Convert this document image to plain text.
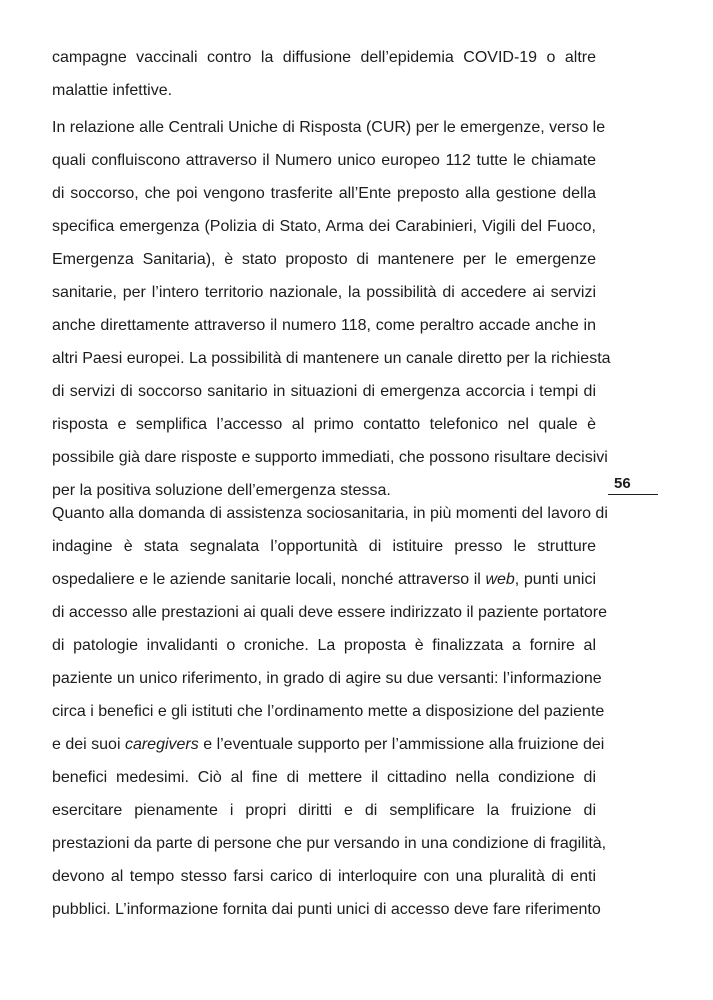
campagne vaccinali contro la diffusione dell’epidemia COVID-19 o altre
malattie infettive.
In relazione alle Centrali Uniche di Risposta (CUR) per le emergenze, verso le
quali confluiscono attraverso il Numero unico europeo 112 tutte le chiamate
di soccorso, che poi vengono trasferite all’Ente preposto alla gestione della
specifica emergenza (Polizia di Stato, Arma dei Carabinieri, Vigili del Fuoco,
Emergenza Sanitaria), è stato proposto di mantenere per le emergenze
sanitarie, per l’intero territorio nazionale, la possibilità di accedere ai servizi
anche direttamente attraverso il numero 118, come peraltro accade anche in
altri Paesi europei. La possibilità di mantenere un canale diretto per la richiesta
di servizi di soccorso sanitario in situazioni di emergenza accorcia i tempi di
risposta e semplifica l’accesso al primo contatto telefonico nel quale è
possibile già dare risposte e supporto immediati, che possono risultare decisivi
per la positiva soluzione dell’emergenza stessa.
Quanto alla domanda di assistenza sociosanitaria, in più momenti del lavoro di
indagine è stata segnalata l’opportunità di istituire presso le strutture
ospedaliere e le aziende sanitarie locali, nonché attraverso il web, punti unici
di accesso alle prestazioni ai quali deve essere indirizzato il paziente portatore
di patologie invalidanti o croniche. La proposta è finalizzata a fornire al
paziente un unico riferimento, in grado di agire su due versanti: l’informazione
circa i benefici e gli istituti che l’ordinamento mette a disposizione del paziente
e dei suoi caregivers e l’eventuale supporto per l’ammissione alla fruizione dei
benefici medesimi. Ciò al fine di mettere il cittadino nella condizione di
esercitare pienamente i propri diritti e di semplificare la fruizione di
prestazioni da parte di persone che pur versando in una condizione di fragilità,
devono al tempo stesso farsi carico di interloquire con una pluralità di enti
pubblici. L’informazione fornita dai punti unici di accesso deve fare riferimento
56
